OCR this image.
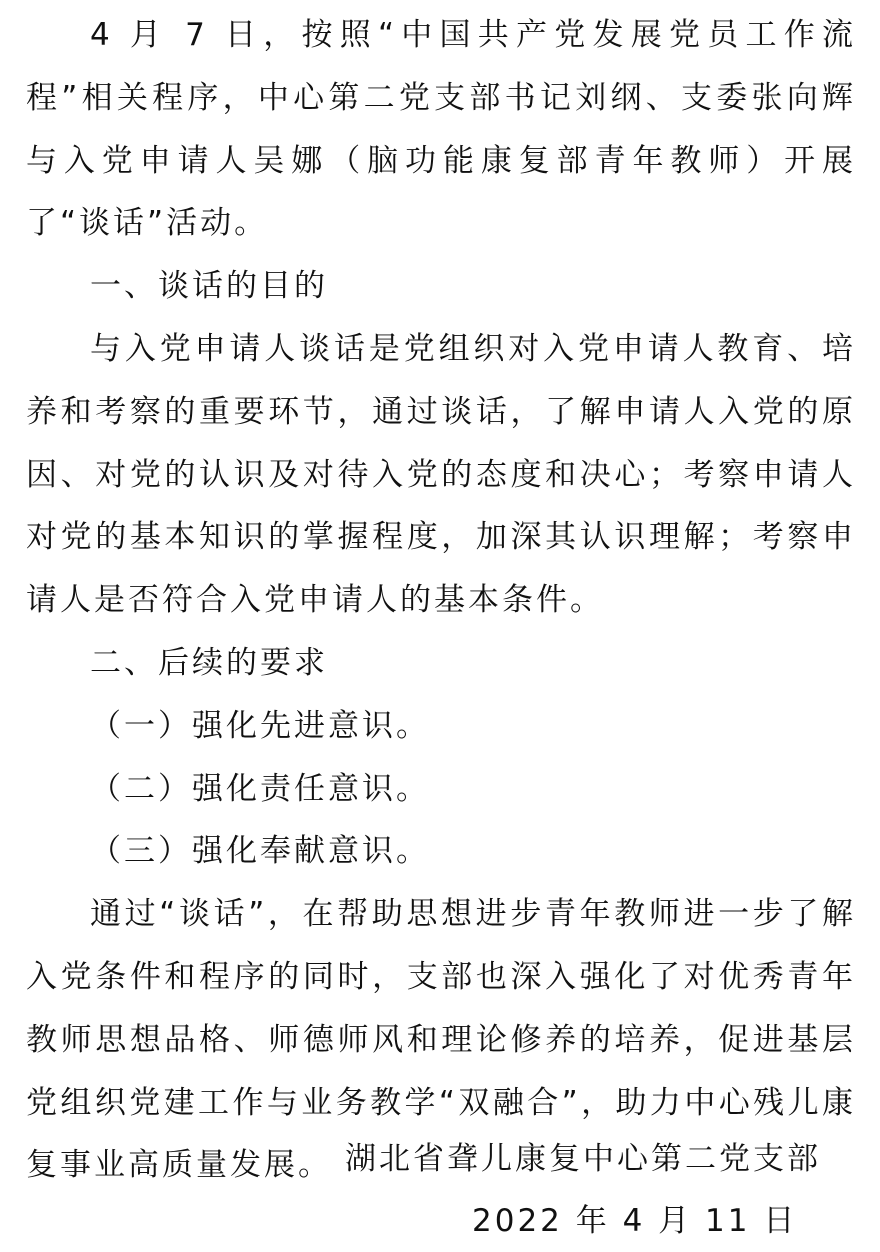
4 月 7 日，按照“中国共产党发展党员工作流程”相关程序，中心第二党支部书记刘纲、支委张向辉与入党申请人吴娜（脑功能康复部青年教师）开展了“谈话”活动。

一、谈话的目的

与入党申请人谈话是党组织对入党申请人教育、培养和考察的重要环节，通过谈话，了解申请人入党的原因、对党的认识及对待入党的态度和决心；考察申请人对党的基本知识的掌握程度，加深其认识理解；考察申请人是否符合入党申请人的基本条件。

二、后续的要求

（一）强化先进意识。

（二）强化责任意识。

（三）强化奉献意识。

通过“谈话”，在帮助思想进步青年教师进一步了解入党条件和程序的同时，支部也深入强化了对优秀青年教师思想品格、师德师风和理论修养的培养，促进基层党组织党建工作与业务教学“双融合”，助力中心残儿康复事业高质量发展。 湖北省聋儿康复中心第二党支部
2022 年 4 月 11 日
